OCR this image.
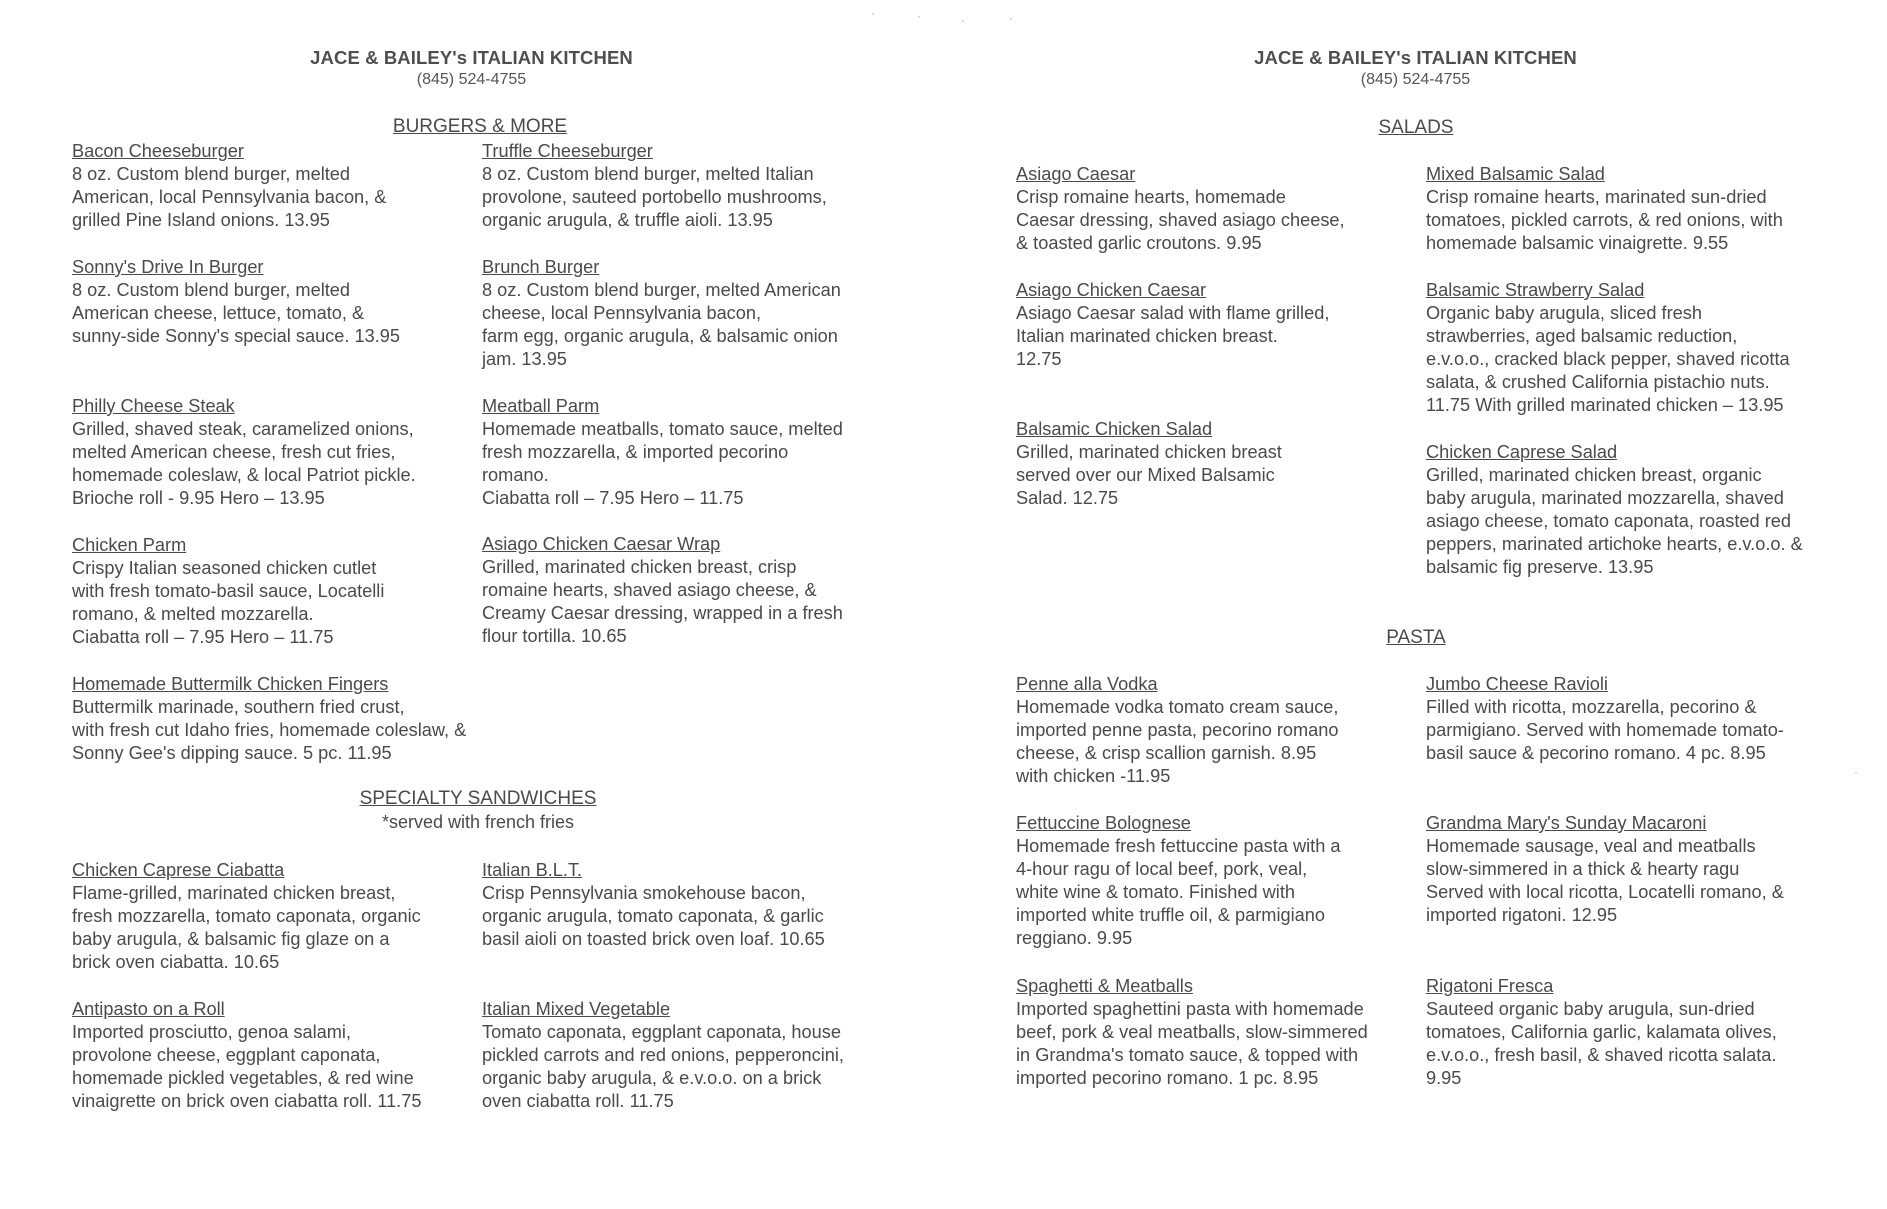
JACE & BAILEY's ITALIAN KITCHEN
(845) 524-4755
BURGERS & MORE
Bacon Cheeseburger
8 oz. Custom blend burger, melted
American, local Pennsylvania bacon, &
grilled Pine Island onions. 13.95
Truffle Cheeseburger
8 oz. Custom blend burger, melted Italian
provolone, sauteed portobello mushrooms,
organic arugula, & truffle aioli. 13.95
Sonny's Drive In Burger
8 oz. Custom blend burger, melted
American cheese, lettuce, tomato, &
sunny-side Sonny's special sauce. 13.95
Brunch Burger
8 oz. Custom blend burger, melted American
cheese, local Pennsylvania bacon,
farm egg, organic arugula, & balsamic onion
jam. 13.95
Philly Cheese Steak
Grilled, shaved steak, caramelized onions,
melted American cheese, fresh cut fries,
homemade coleslaw, & local Patriot pickle.
Brioche roll - 9.95 Hero – 13.95
Meatball Parm
Homemade meatballs, tomato sauce, melted
fresh mozzarella, & imported pecorino
romano.
Ciabatta roll – 7.95 Hero – 11.75
Chicken Parm
Crispy Italian seasoned chicken cutlet
with fresh tomato-basil sauce, Locatelli
romano, & melted mozzarella.
Ciabatta roll – 7.95 Hero – 11.75
Asiago Chicken Caesar Wrap
Grilled, marinated chicken breast, crisp
romaine hearts, shaved asiago cheese, &
Creamy Caesar dressing, wrapped in a fresh
flour tortilla. 10.65
Homemade Buttermilk Chicken Fingers
Buttermilk marinade, southern fried crust,
with fresh cut Idaho fries, homemade coleslaw, &
Sonny Gee's dipping sauce. 5 pc. 11.95
SPECIALTY SANDWICHES
*served with french fries
Chicken Caprese Ciabatta
Flame-grilled, marinated chicken breast,
fresh mozzarella, tomato caponata, organic
baby arugula, & balsamic fig glaze on a
brick oven ciabatta. 10.65
Italian B.L.T.
Crisp Pennsylvania smokehouse bacon,
organic arugula, tomato caponata, & garlic
basil aioli on toasted brick oven loaf. 10.65
Antipasto on a Roll
Imported prosciutto, genoa salami,
provolone cheese, eggplant caponata,
homemade pickled vegetables, & red wine
vinaigrette on brick oven ciabatta roll. 11.75
Italian Mixed Vegetable
Tomato caponata, eggplant caponata, house
pickled carrots and red onions, pepperoncini,
organic baby arugula, & e.v.o.o. on a brick
oven ciabatta roll. 11.75
JACE & BAILEY's ITALIAN KITCHEN
(845) 524-4755
SALADS
Asiago Caesar
Crisp romaine hearts, homemade
Caesar dressing, shaved asiago cheese,
& toasted garlic croutons. 9.95
Mixed Balsamic Salad
Crisp romaine hearts, marinated sun-dried
tomatoes, pickled carrots, & red onions, with
homemade balsamic vinaigrette. 9.55
Asiago Chicken Caesar
Asiago Caesar salad with flame grilled,
Italian marinated chicken breast.
12.75
Balsamic Strawberry Salad
Organic baby arugula, sliced fresh
strawberries, aged balsamic reduction,
e.v.o.o., cracked black pepper, shaved ricotta
salata, & crushed California pistachio nuts.
11.75 With grilled marinated chicken – 13.95
Balsamic Chicken Salad
Grilled, marinated chicken breast
served over our Mixed Balsamic
Salad. 12.75
Chicken Caprese Salad
Grilled, marinated chicken breast, organic
baby arugula, marinated mozzarella, shaved
asiago cheese, tomato caponata, roasted red
peppers, marinated artichoke hearts, e.v.o.o. &
balsamic fig preserve. 13.95
PASTA
Penne alla Vodka
Homemade vodka tomato cream sauce,
imported penne pasta, pecorino romano
cheese, & crisp scallion garnish. 8.95
with chicken -11.95
Jumbo Cheese Ravioli
Filled with ricotta, mozzarella, pecorino &
parmigiano. Served with homemade tomato-
basil sauce & pecorino romano. 4 pc. 8.95
Fettuccine Bolognese
Homemade fresh fettuccine pasta with a
4-hour ragu of local beef, pork, veal,
white wine & tomato. Finished with
imported white truffle oil, & parmigiano
reggiano. 9.95
Grandma Mary's Sunday Macaroni
Homemade sausage, veal and meatballs
slow-simmered in a thick & hearty ragu
Served with local ricotta, Locatelli romano, &
imported rigatoni. 12.95
Spaghetti & Meatballs
Imported spaghettini pasta with homemade
beef, pork & veal meatballs, slow-simmered
in Grandma's tomato sauce, & topped with
imported pecorino romano. 1 pc. 8.95
Rigatoni Fresca
Sauteed organic baby arugula, sun-dried
tomatoes, California garlic, kalamata olives,
e.v.o.o., fresh basil, & shaved ricotta salata.
9.95
